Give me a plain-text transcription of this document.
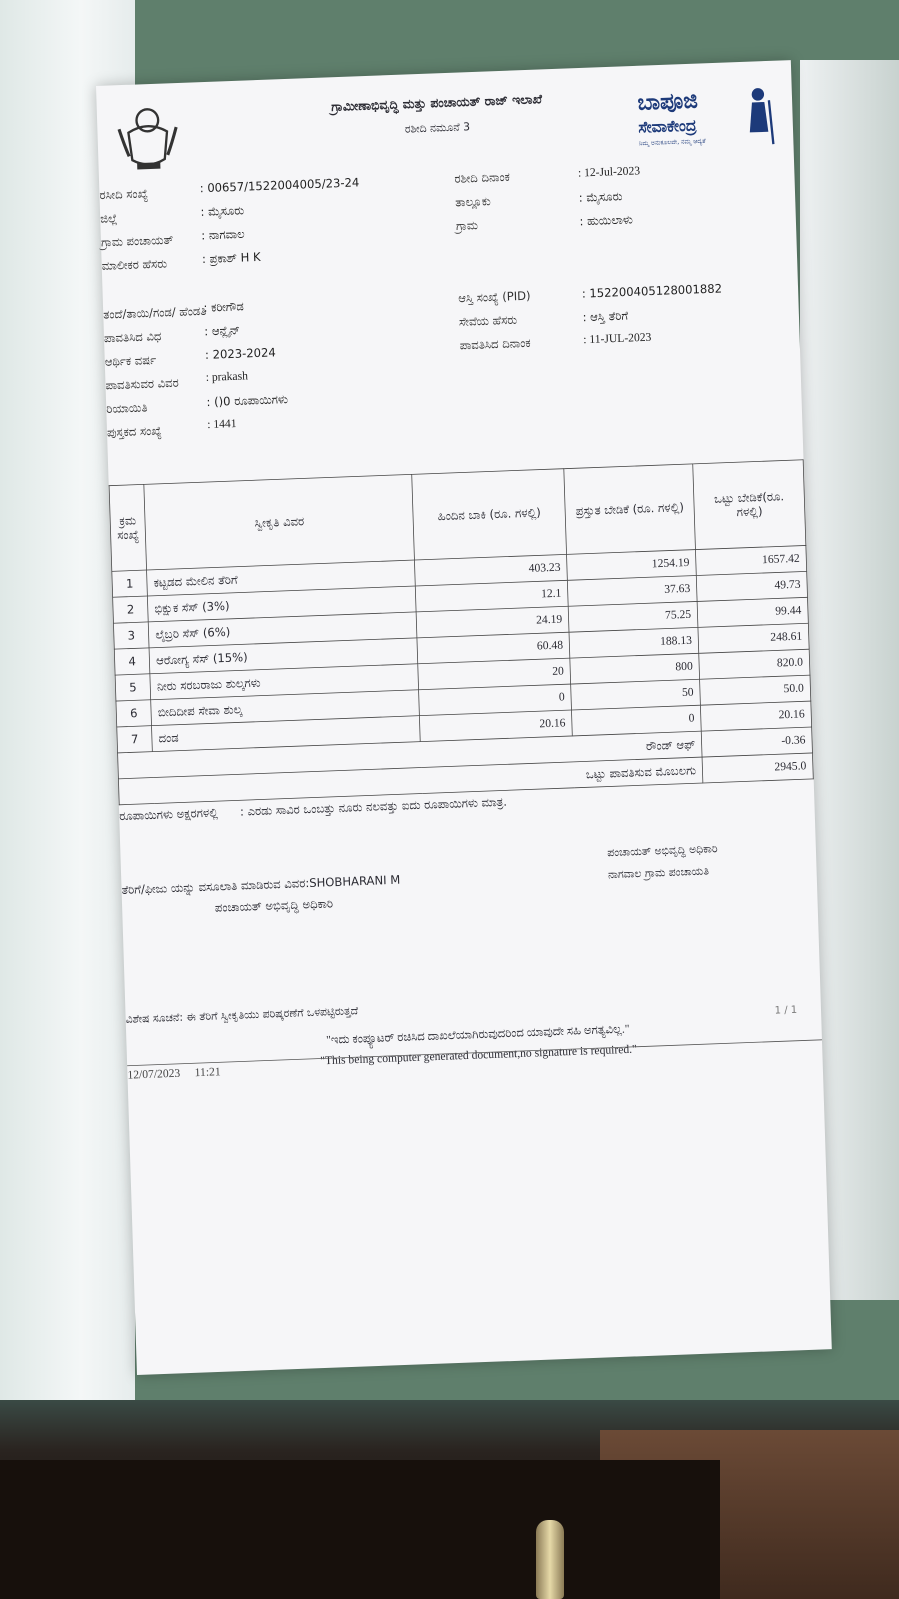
ಗ್ರಾಮೀಣಾಭಿವೃದ್ಧಿ ಮತ್ತು ಪಂಚಾಯತ್ ರಾಜ್ ಇಲಾಖೆ
ರಶೀದಿ ನಮೂನೆ 3
ಬಾಪೂಜಿ
ಸೇವಾಕೇಂದ್ರ
ನಿಮ್ಮ ಅನುಕೂಲವೇ, ನಮ್ಮ ಆದ್ಯತೆ
ರಸೀದಿ ಸಂಖ್ಯೆ	: 00657/1522004005/23-24
ಜಿಲ್ಲೆ	: ಮೈಸೂರು
ಗ್ರಾಮ ಪಂಚಾಯತ್ : ನಾಗವಾಲ
ಮಾಲೀಕರ ಹೆಸರು : ಪ್ರಕಾಶ್ H K
ರಶೀದಿ ದಿನಾಂಕ	: 12-Jul-2023
ತಾಲ್ಲೂಕು	: ಮೈಸೂರು
ಗ್ರಾಮ	: ಹುಯಿಲಾಳು
ತಂದೆ/ತಾಯಿ/ಗಂಡ/ ಹೆಂಡತಿ
: ಕರೀಗೌಡ
ಪಾವತಿಸಿದ ವಿಧ	: ಆನ್ಲೈನ್
ಆರ್ಥಿಕ ವರ್ಷ	: 2023-2024
ಪಾವತಿಸುವರ ವಿವರ : prakash
ರಿಯಾಯಿತಿ	: ()0 ರೂಪಾಯಿಗಳು
ಪುಸ್ತಕದ ಸಂಖ್ಯೆ	: 1441
ಆಸ್ತಿ ಸಂಖ್ಯೆ (PID)	: 152200405128001882
ಸೇವೆಯ ಹೆಸರು	: ಆಸ್ತಿ ತೆರಿಗೆ
ಪಾವತಿಸಿದ ದಿನಾಂಕ	: 11-JUL-2023
ಕ್ರಮ ಸಂಖ್ಯೆ	ಸ್ವೀಕೃತಿ ವಿವರ	ಹಿಂದಿನ ಬಾಕಿ (ರೂ. ಗಳಲ್ಲಿ)	ಪ್ರಸ್ತುತ ಬೇಡಿಕೆ (ರೂ. ಗಳಲ್ಲಿ)	ಒಟ್ಟು ಬೇಡಿಕೆ(ರೂ. ಗಳಲ್ಲಿ)
1	ಕಟ್ಟಡದ ಮೇಲಿನ ತೆರಿಗೆ	403.23	1254.19	1657.42
2	ಭಿಕ್ಷುಕ ಸೆಸ್ (3%)	12.1	37.63	49.73
3	ಲೈಬ್ರರಿ ಸೆಸ್ (6%)	24.19	75.25	99.44
4	ಆರೋಗ್ಯ ಸೆಸ್ (15%)	60.48	188.13	248.61
5	ನೀರು ಸರಬರಾಜು ಶುಲ್ಕಗಳು	20	800	820.0
6	ಬೀದಿದೀಪ ಸೇವಾ ಶುಲ್ಕ	0	50	50.0
7	ದಂಡ	20.16	0	20.16
ರೌಂಡ್ ಆಫ್				-0.36
ಒಟ್ಟು ಪಾವತಿಸುವ ಮೊಬಲಗು				2945.0
ರೂಪಾಯಿಗಳು ಅಕ್ಷರಗಳಲ್ಲಿ : ಎರಡು ಸಾವಿರ ಒಂಬತ್ತು ನೂರು ನಲವತ್ತು ಐದು ರೂಪಾಯಿಗಳು ಮಾತ್ರ.
ತೆರಿಗೆ/ಫೀಜು ಯನ್ನು ವಸೂಲಾತಿ ಮಾಡಿರುವ ವಿವರ:SHOBHARANI M
ಪಂಚಾಯತ್ ಅಭಿವೃದ್ಧಿ ಅಧಿಕಾರಿ
ಪಂಚಾಯತ್ ಅಭಿವೃದ್ಧಿ ಅಧಿಕಾರಿ
ನಾಗವಾಲ ಗ್ರಾಮ ಪಂಚಾಯತಿ
ವಿಶೇಷ ಸೂಚನೆ: ಈ ತೆರಿಗೆ ಸ್ವೀಕೃತಿಯು ಪರಿಷ್ಕರಣೆಗೆ ಒಳಪಟ್ಟಿರುತ್ತದೆ
"ಇದು ಕಂಪ್ಯೂಟರ್ ರಚಿಸಿದ ದಾಖಲೆಯಾಗಿರುವುದರಿಂದ ಯಾವುದೇ ಸಹಿ ಅಗತ್ಯವಿಲ್ಲ."
"This being computer generated document,no signature is required."
1 / 1
12/07/2023 11:21
